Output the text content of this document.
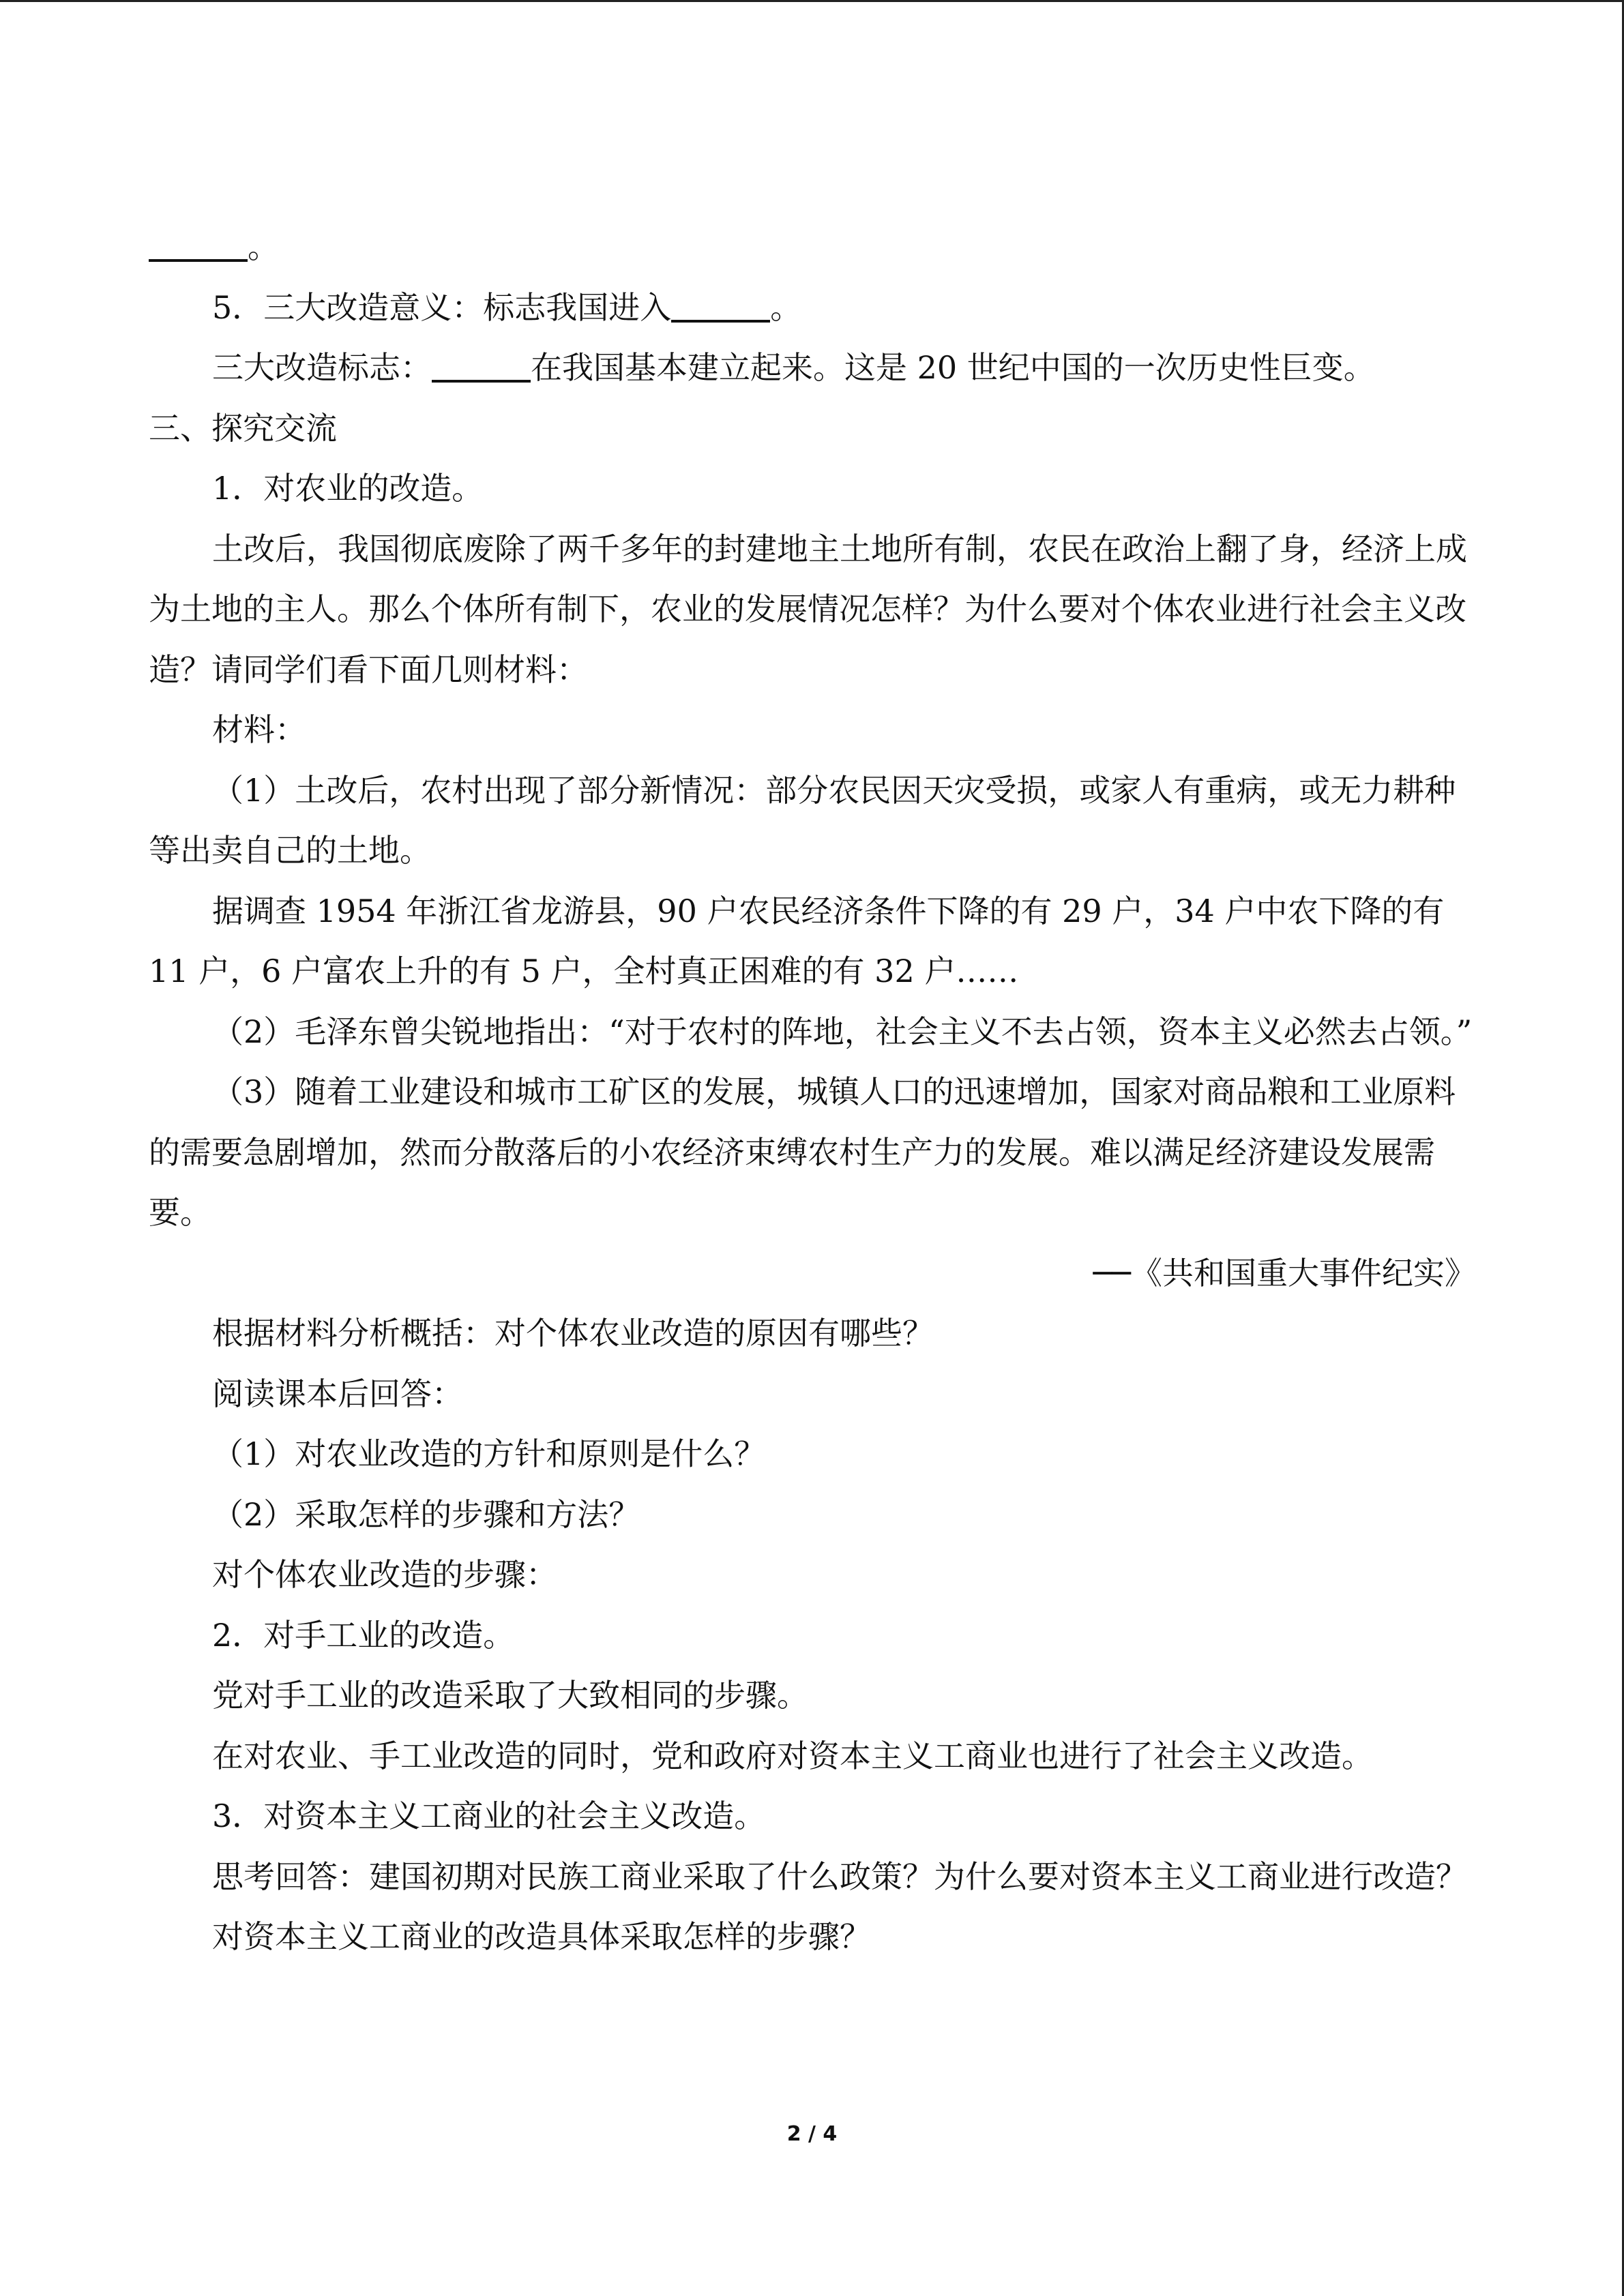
。

5．三大改造意义：标志我国进入	。

三大改造标志：	在我国基本建立起来。这是 20 世纪中国的一次历史性巨变。

三、探究交流

1．对农业的改造。

土改后，我国彻底废除了两千多年的封建地主土地所有制，农民在政治上翻了身，经济上成为土地的主人。那么个体所有制下，农业的发展情况怎样？为什么要对个体农业进行社会主义改造？请同学们看下面几则材料：

材料：

（1）土改后，农村出现了部分新情况：部分农民因天灾受损，或家人有重病，或无力耕种等出卖自己的土地。

据调查 1954 年浙江省龙游县，90 户农民经济条件下降的有 29 户，34 户中农下降的有 11 户，6 户富农上升的有 5 户，全村真正困难的有 32 户……

（2）毛泽东曾尖锐地指出：“对于农村的阵地，社会主义不去占领，资本主义必然去占领。”

（3）随着工业建设和城市工矿区的发展，城镇人口的迅速增加，国家对商品粮和工业原料的需要急剧增加，然而分散落后的小农经济束缚农村生产力的发展。难以满足经济建设发展需要。

──《共和国重大事件纪实》

根据材料分析概括：对个体农业改造的原因有哪些？

阅读课本后回答：

（1）对农业改造的方针和原则是什么？

（2）采取怎样的步骤和方法？

对个体农业改造的步骤：

2．对手工业的改造。

党对手工业的改造采取了大致相同的步骤。

在对农业、手工业改造的同时，党和政府对资本主义工商业也进行了社会主义改造。

3．对资本主义工商业的社会主义改造。

思考回答：建国初期对民族工商业采取了什么政策？为什么要对资本主义工商业进行改造？

对资本主义工商业的改造具体采取怎样的步骤？

2 / 4
